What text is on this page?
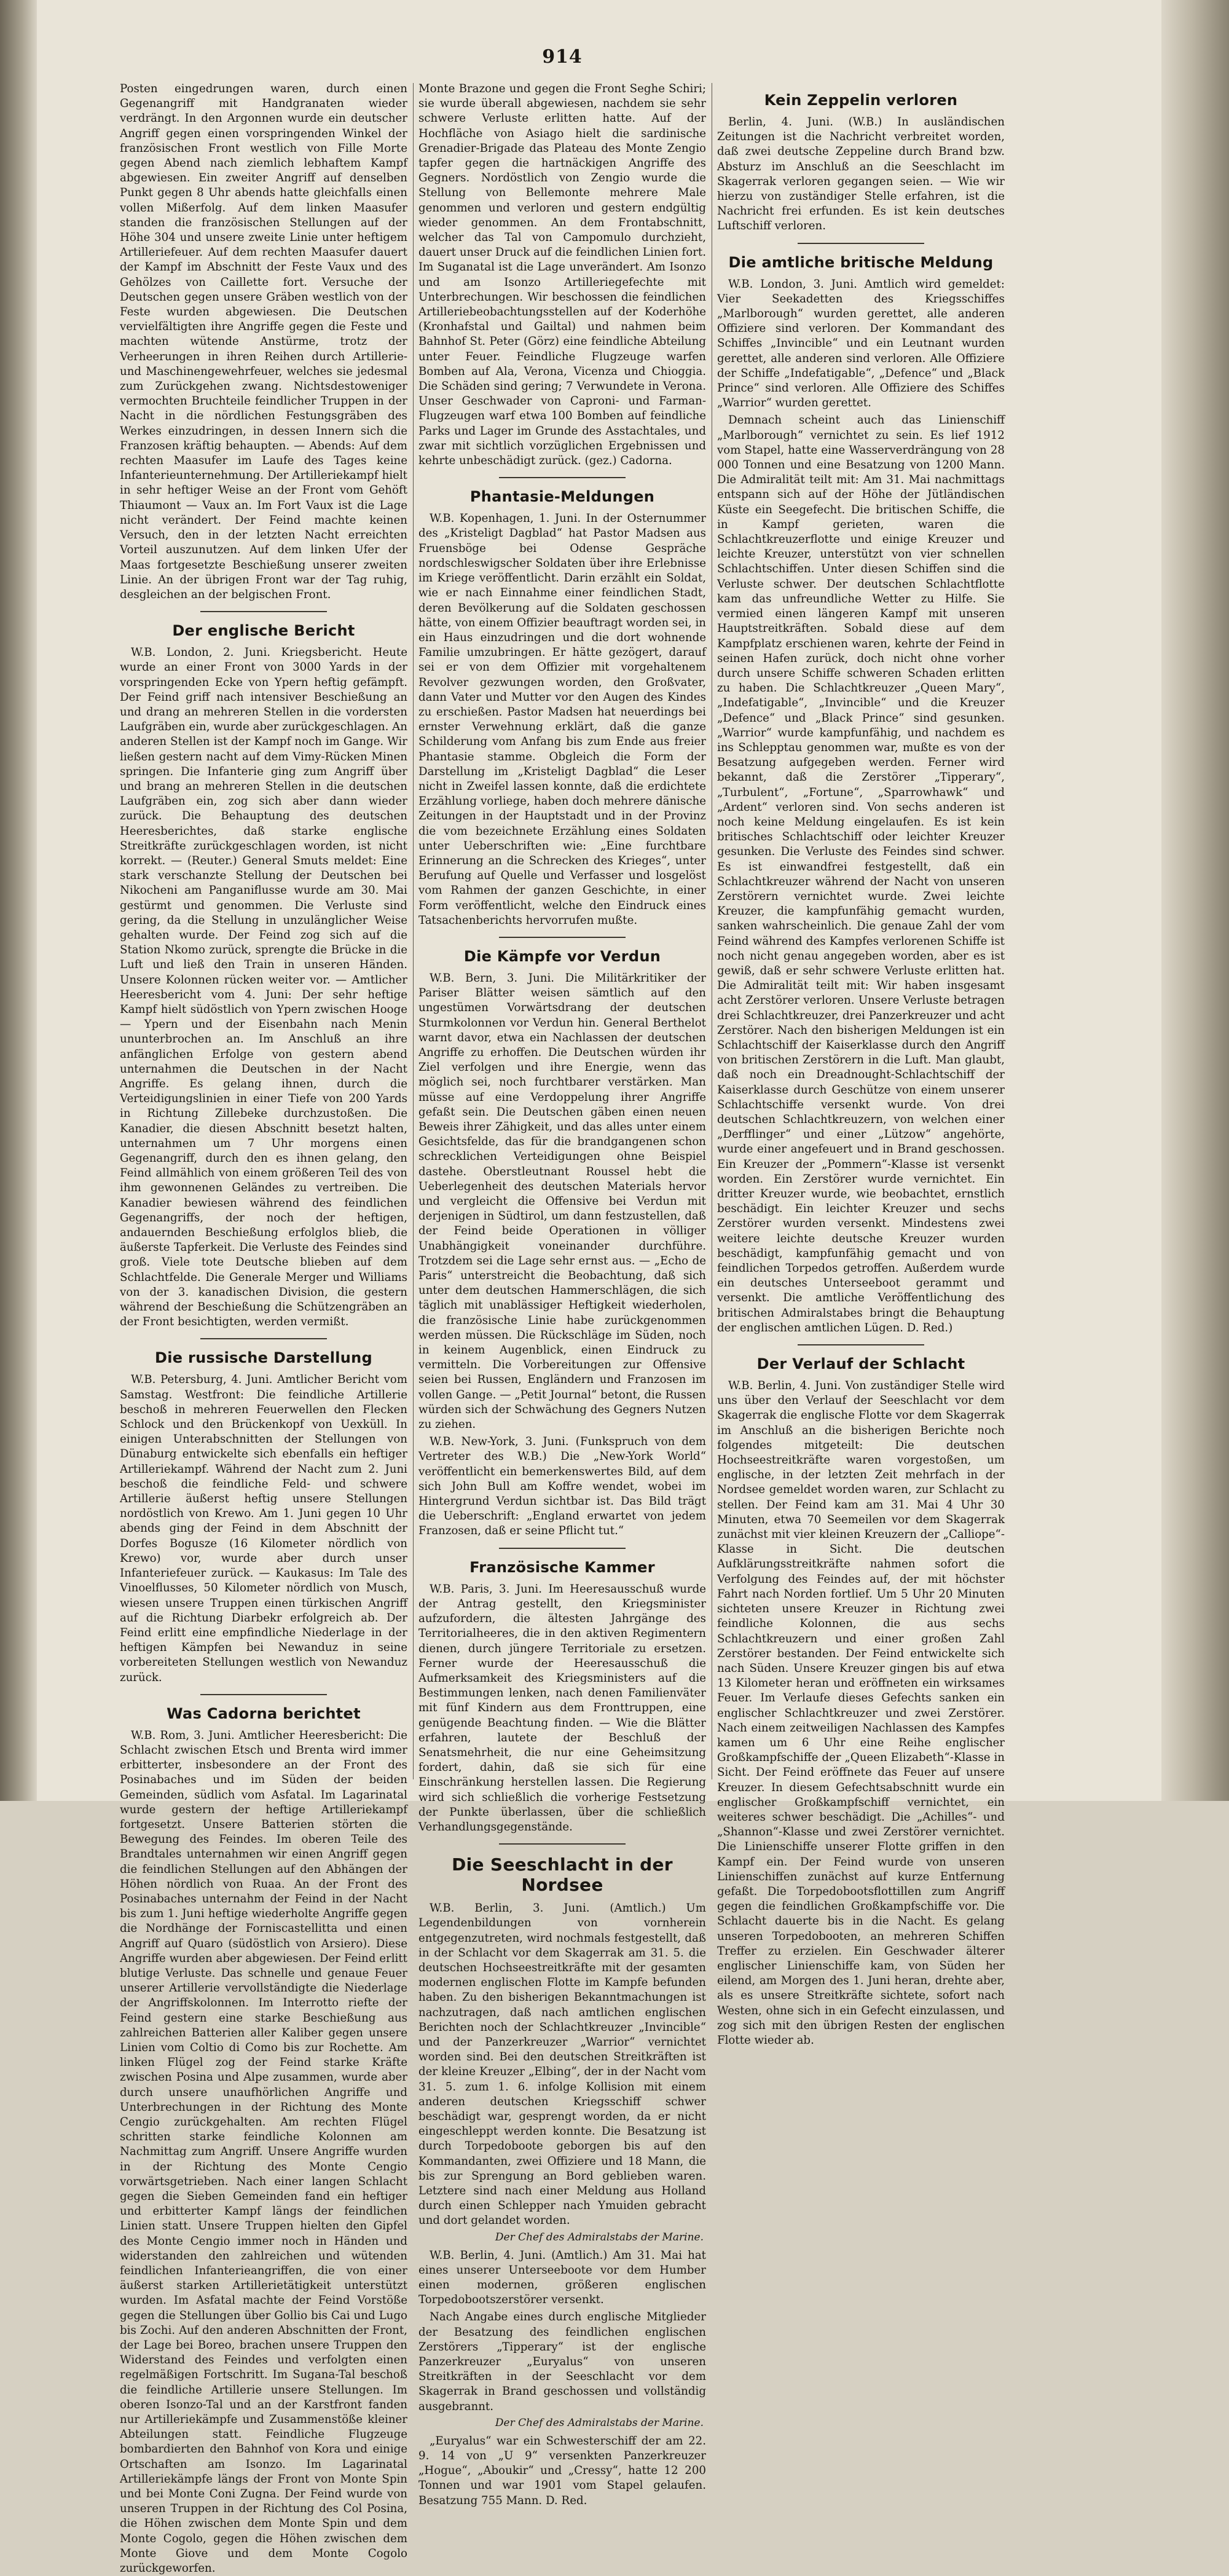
914

Posten eingedrungen waren, durch einen Gegenangriff mit Handgranaten wieder verdrängt. In den Argonnen wurde ein deutscher Angriff gegen einen vorspringenden Winkel der französischen Front westlich von Fille Morte gegen Abend nach ziemlich lebhaftem Kampf abgewiesen. Ein zweiter Angriff auf denselben Punkt gegen 8 Uhr abends hatte gleichfalls einen vollen Mißerfolg. Auf dem linken Maasufer standen die französischen Stellungen auf der Höhe 304 und unsere zweite Linie unter heftigem Artilleriefeuer. Auf dem rechten Maasufer dauert der Kampf im Abschnitt der Feste Vaux und des Gehölzes von Caillette fort. Versuche der Deutschen gegen unsere Gräben westlich von der Feste wurden abgewiesen. Die Deutschen vervielfältigten ihre Angriffe gegen die Feste und machten wütende Anstürme, trotz der Verheerungen in ihren Reihen durch Artillerie- und Maschinengewehrfeuer, welches sie jedesmal zum Zurückgehen zwang. Nichtsdestoweniger vermochten Bruchteile feindlicher Truppen in der Nacht in die nördlichen Festungsgräben des Werkes einzudringen, in dessen Innern sich die Franzosen kräftig behaupten. — Abends: Auf dem rechten Maasufer im Laufe des Tages keine Infanterieunternehmung. Der Artilleriekampf hielt in sehr heftiger Weise an der Front vom Gehöft Thiaumont — Vaux an. Im Fort Vaux ist die Lage nicht verändert. Der Feind machte keinen Versuch, den in der letzten Nacht erreichten Vorteil auszunutzen. Auf dem linken Ufer der Maas fortgesetzte Beschießung unserer zweiten Linie. An der übrigen Front war der Tag ruhig, desgleichen an der belgischen Front.

Der englische Bericht

W.B. London, 2. Juni. Kriegsbericht. Heute wurde an einer Front von 3000 Yards in der vorspringenden Ecke von Ypern heftig gefämpft. Der Feind griff nach intensiver Beschießung an und drang an mehreren Stellen in die vordersten Laufgräben ein, wurde aber zurückgeschlagen. An anderen Stellen ist der Kampf noch im Gange. Wir ließen gestern nacht auf dem Vimy-Rücken Minen springen. Die Infanterie ging zum Angriff über und brang an mehreren Stellen in die deutschen Laufgräben ein, zog sich aber dann wieder zurück. Die Behauptung des deutschen Heeresberichtes, daß starke englische Streitkräfte zurückgeschlagen worden, ist nicht korrekt. — (Reuter.) General Smuts meldet: Eine stark verschanzte Stellung der Deutschen bei Nikocheni am Panganiflusse wurde am 30. Mai gestürmt und genommen. Die Verluste sind gering, da die Stellung in unzulänglicher Weise gehalten wurde. Der Feind zog sich auf die Station Nkomo zurück, sprengte die Brücke in die Luft und ließ den Train in unseren Händen. Unsere Kolonnen rücken weiter vor. — Amtlicher Heeresbericht vom 4. Juni: Der sehr heftige Kampf hielt südöstlich von Ypern zwischen Hooge — Ypern und der Eisenbahn nach Menin ununterbrochen an. Im Anschluß an ihre anfänglichen Erfolge von gestern abend unternahmen die Deutschen in der Nacht Angriffe. Es gelang ihnen, durch die Verteidigungslinien in einer Tiefe von 200 Yards in Richtung Zillebeke durchzustoßen. Die Kanadier, die diesen Abschnitt besetzt halten, unternahmen um 7 Uhr morgens einen Gegenangriff, durch den es ihnen gelang, den Feind allmählich von einem größeren Teil des von ihm gewonnenen Geländes zu vertreiben. Die Kanadier bewiesen während des feindlichen Gegenangriffs, der noch der heftigen, andauernden Beschießung erfolglos blieb, die äußerste Tapferkeit. Die Verluste des Feindes sind groß. Viele tote Deutsche blieben auf dem Schlachtfelde. Die Generale Merger und Williams von der 3. kanadischen Division, die gestern während der Beschießung die Schützengräben an der Front besichtigten, werden vermißt.

Die russische Darstellung

W.B. Petersburg, 4. Juni. Amtlicher Bericht vom Samstag. Westfront: Die feindliche Artillerie beschoß in mehreren Feuerwellen den Flecken Schlock und den Brückenkopf von Uexküll. In einigen Unterabschnitten der Stellungen von Dünaburg entwickelte sich ebenfalls ein heftiger Artilleriekampf. Während der Nacht zum 2. Juni beschoß die feindliche Feld- und schwere Artillerie äußerst heftig unsere Stellungen nordöstlich von Krewo. Am 1. Juni gegen 10 Uhr abends ging der Feind in dem Abschnitt der Dorfes Bogusze (16 Kilometer nördlich von Krewo) vor, wurde aber durch unser Infanteriefeuer zurück. — Kaukasus: Im Tale des Vinoelflusses, 50 Kilometer nördlich von Musch, wiesen unsere Truppen einen türkischen Angriff auf die Richtung Diarbekr erfolgreich ab. Der Feind erlitt eine empfindliche Niederlage in der heftigen Kämpfen bei Newanduz in seine vorbereiteten Stellungen westlich von Newanduz zurück.

Was Cadorna berichtet

W.B. Rom, 3. Juni. Amtlicher Heeresbericht: Die Schlacht zwischen Etsch und Brenta wird immer erbitterter, insbesondere an der Front des Posinabaches und im Süden der beiden Gemeinden, südlich vom Asfatal. Im Lagarinatal wurde gestern der heftige Artilleriekampf fortgesetzt. Unsere Batterien störten die Bewegung des Feindes. Im oberen Teile des Brandtales unternahmen wir einen Angriff gegen die feindlichen Stellungen auf den Abhängen der Höhen nördlich von Ruaa. An der Front des Posinabaches unternahm der Feind in der Nacht bis zum 1. Juni heftige wiederholte Angriffe gegen die Nordhänge der Forniscastellitta und einen Angriff auf Quaro (südöstlich von Arsiero). Diese Angriffe wurden aber abgewiesen. Der Feind erlitt blutige Verluste. Das schnelle und genaue Feuer unserer Artillerie vervollständigte die Niederlage der Angriffskolonnen. Im Interrotto riefte der Feind gestern eine starke Beschießung aus zahlreichen Batterien aller Kaliber gegen unsere Linien vom Coltio di Como bis zur Rochette. Am linken Flügel zog der Feind starke Kräfte zwischen Posina und Alpe zusammen, wurde aber durch unsere unaufhörlichen Angriffe und Unterbrechungen in der Richtung des Monte Cengio zurückgehalten. Am rechten Flügel schritten starke feindliche Kolonnen am Nachmittag zum Angriff. Unsere Angriffe wurden in der Richtung des Monte Cengio vorwärtsgetrieben. Nach einer langen Schlacht gegen die Sieben Gemeinden fand ein heftiger und erbitterter Kampf längs der feindlichen Linien statt. Unsere Truppen hielten den Gipfel des Monte Cengio immer noch in Händen und widerstanden den zahlreichen und wütenden feindlichen Infanterieangriffen, die von einer äußerst starken Artillerietätigkeit unterstützt wurden. Im Asfatal machte der Feind Vorstöße gegen die Stellungen über Gollio bis Cai und Lugo bis Zochi. Auf den anderen Abschnitten der Front, der Lage bei Boreo, brachen unsere Truppen den Widerstand des Feindes und verfolgten einen regelmäßigen Fortschritt. Im Sugana-Tal beschoß die feindliche Artillerie unsere Stellungen. Im oberen Isonzo-Tal und an der Karstfront fanden nur Artilleriekämpfe und Zusammenstöße kleiner Abteilungen statt. Feindliche Flugzeuge bombardierten den Bahnhof von Kora und einige Ortschaften am Isonzo. Im Lagarinatal Artilleriekämpfe längs der Front von Monte Spin und bei Monte Coni Zugna. Der Feind wurde von unseren Truppen in der Richtung des Col Posina, die Höhen zwischen dem Monte Spin und dem Monte Cogolo, gegen die Höhen zwischen dem Monte Giove und dem Monte Cogolo zurückgeworfen.

Monte Brazone und gegen die Front Seghe Schiri; sie wurde überall abgewiesen, nachdem sie sehr schwere Verluste erlitten hatte. Auf der Hochfläche von Asiago hielt die sardinische Grenadier-Brigade das Plateau des Monte Zengio tapfer gegen die hartnäckigen Angriffe des Gegners. Nordöstlich von Zengio wurde die Stellung von Bellemonte mehrere Male genommen und verloren und gestern endgültig wieder genommen. An dem Frontabschnitt, welcher das Tal von Campomulo durchzieht, dauert unser Druck auf die feindlichen Linien fort. Im Suganatal ist die Lage unverändert. Am Isonzo und am Isonzo Artilleriegefechte mit Unterbrechungen. Wir beschossen die feindlichen Artilleriebeobachtungsstellen auf der Koderhöhe (Kronhafstal und Gailtal) und nahmen beim Bahnhof St. Peter (Görz) eine feindliche Abteilung unter Feuer. Feindliche Flugzeuge warfen Bomben auf Ala, Verona, Vicenza und Chioggia. Die Schäden sind gering; 7 Verwundete in Verona. Unser Geschwader von Caproni- und Farman-Flugzeugen warf etwa 100 Bomben auf feindliche Parks und Lager im Grunde des Asstachtales, und zwar mit sichtlich vorzüglichen Ergebnissen und kehrte unbeschädigt zurück. (gez.) Cadorna.

Phantasie-Meldungen

W.B. Kopenhagen, 1. Juni. In der Osternummer des „Kristeligt Dagblad“ hat Pastor Madsen aus Fruensböge bei Odense Gespräche nordschleswigscher Soldaten über ihre Erlebnisse im Kriege veröffentlicht. Darin erzählt ein Soldat, wie er nach Einnahme einer feindlichen Stadt, deren Bevölkerung auf die Soldaten geschossen hätte, von einem Offizier beauftragt worden sei, in ein Haus einzudringen und die dort wohnende Familie umzubringen. Er hätte gezögert, darauf sei er von dem Offizier mit vorgehaltenem Revolver gezwungen worden, den Großvater, dann Vater und Mutter vor den Augen des Kindes zu erschießen. Pastor Madsen hat neuerdings bei ernster Verwehnung erklärt, daß die ganze Schilderung vom Anfang bis zum Ende aus freier Phantasie stamme. Obgleich die Form der Darstellung im „Kristeligt Dagblad“ die Leser nicht in Zweifel lassen konnte, daß die erdichtete Erzählung vorliege, haben doch mehrere dänische Zeitungen in der Hauptstadt und in der Provinz die vom bezeichnete Erzählung eines Soldaten unter Ueberschriften wie: „Eine furchtbare Erinnerung an die Schrecken des Krieges“, unter Berufung auf Quelle und Verfasser und losgelöst vom Rahmen der ganzen Geschichte, in einer Form veröffentlicht, welche den Eindruck eines Tatsachenberichts hervorrufen mußte.

Die Kämpfe vor Verdun

W.B. Bern, 3. Juni. Die Militärkritiker der Pariser Blätter weisen sämtlich auf den ungestümen Vorwärtsdrang der deutschen Sturmkolonnen vor Verdun hin. General Berthelot warnt davor, etwa ein Nachlassen der deutschen Angriffe zu erhoffen. Die Deutschen würden ihr Ziel verfolgen und ihre Energie, wenn das möglich sei, noch furchtbarer verstärken. Man müsse auf eine Verdoppelung ihrer Angriffe gefaßt sein. Die Deutschen gäben einen neuen Beweis ihrer Zähigkeit, und das alles unter einem Gesichtsfelde, das für die brandgangenen schon schrecklichen Verteidigungen ohne Beispiel dastehe. Oberstleutnant Roussel hebt die Ueberlegenheit des deutschen Materials hervor und vergleicht die Offensive bei Verdun mit derjenigen in Südtirol, um dann festzustellen, daß der Feind beide Operationen in völliger Unabhängigkeit voneinander durchführe. Trotzdem sei die Lage sehr ernst aus. — „Echo de Paris“ unterstreicht die Beobachtung, daß sich unter dem deutschen Hammerschlägen, die sich täglich mit unablässiger Heftigkeit wiederholen, die französische Linie habe zurückgenommen werden müssen. Die Rückschläge im Süden, noch in keinem Augenblick, einen Eindruck zu vermitteln. Die Vorbereitungen zur Offensive seien bei Russen, Engländern und Franzosen im vollen Gange. — „Petit Journal“ betont, die Russen würden sich der Schwächung des Gegners Nutzen zu ziehen.

W.B. New-York, 3. Juni. (Funkspruch von dem Vertreter des W.B.) Die „New-York World“ veröffentlicht ein bemerkenswertes Bild, auf dem sich John Bull am Koffre wendet, wobei im Hintergrund Verdun sichtbar ist. Das Bild trägt die Ueberschrift: „England erwartet von jedem Franzosen, daß er seine Pflicht tut.“

Französische Kammer

W.B. Paris, 3. Juni. Im Heeresausschuß wurde der Antrag gestellt, den Kriegsminister aufzufordern, die ältesten Jahrgänge des Territorialheeres, die in den aktiven Regimentern dienen, durch jüngere Territoriale zu ersetzen. Ferner wurde der Heeresausschuß die Aufmerksamkeit des Kriegsministers auf die Bestimmungen lenken, nach denen Familienväter mit fünf Kindern aus dem Fronttruppen, eine genügende Beachtung finden. — Wie die Blätter erfahren, lautete der Beschluß der Senatsmehrheit, die nur eine Geheimsitzung fordert, dahin, daß sie sich für eine Einschränkung herstellen lassen. Die Regierung wird sich schließlich die vorherige Festsetzung der Punkte überlassen, über die schließlich Verhandlungsgegenstände.

Die Seeschlacht in der Nordsee

W.B. Berlin, 3. Juni. (Amtlich.) Um Legendenbildungen von vornherein entgegenzutreten, wird nochmals festgestellt, daß in der Schlacht vor dem Skagerrak am 31. 5. die deutschen Hochseestreitkräfte mit der gesamten modernen englischen Flotte im Kampfe befunden haben. Zu den bisherigen Bekanntmachungen ist nachzutragen, daß nach amtlichen englischen Berichten noch der Schlachtkreuzer „Invincible“ und der Panzerkreuzer „Warrior“ vernichtet worden sind. Bei den deutschen Streitkräften ist der kleine Kreuzer „Elbing“, der in der Nacht vom 31. 5. zum 1. 6. infolge Kollision mit einem anderen deutschen Kriegsschiff schwer beschädigt war, gesprengt worden, da er nicht eingeschleppt werden konnte. Die Besatzung ist durch Torpedoboote geborgen bis auf den Kommandanten, zwei Offiziere und 18 Mann, die bis zur Sprengung an Bord geblieben waren. Letztere sind nach einer Meldung aus Holland durch einen Schlepper nach Ymuiden gebracht und dort gelandet worden.

Der Chef des Admiralstabs der Marine.

W.B. Berlin, 4. Juni. (Amtlich.) Am 31. Mai hat eines unserer Unterseeboote vor dem Humber einen modernen, größeren englischen Torpedobootszerstörer versenkt.

Nach Angabe eines durch englische Mitglieder der Besatzung des feindlichen englischen Zerstörers „Tipperary“ ist der englische Panzerkreuzer „Euryalus“ von unseren Streitkräften in der Seeschlacht vor dem Skagerrak in Brand geschossen und vollständig ausgebrannt.

Der Chef des Admiralstabs der Marine.

„Euryalus“ war ein Schwesterschiff der am 22. 9. 14 von „U 9“ versenkten Panzerkreuzer „Hogue“, „Aboukir“ und „Cressy“, hatte 12 200 Tonnen und war 1901 vom Stapel gelaufen. Besatzung 755 Mann. D. Red.

Kein Zeppelin verloren

Berlin, 4. Juni. (W.B.) In ausländischen Zeitungen ist die Nachricht verbreitet worden, daß zwei deutsche Zeppeline durch Brand bzw. Absturz im Anschluß an die Seeschlacht im Skagerrak verloren gegangen seien. — Wie wir hierzu von zuständiger Stelle erfahren, ist die Nachricht frei erfunden. Es ist kein deutsches Luftschiff verloren.

Die amtliche britische Meldung

W.B. London, 3. Juni. Amtlich wird gemeldet: Vier Seekadetten des Kriegsschiffes „Marlborough“ wurden gerettet, alle anderen Offiziere sind verloren. Der Kommandant des Schiffes „Invincible“ und ein Leutnant wurden gerettet, alle anderen sind verloren. Alle Offiziere der Schiffe „Indefatigable“, „Defence“ und „Black Prince“ sind verloren. Alle Offiziere des Schiffes „Warrior“ wurden gerettet.

Demnach scheint auch das Linienschiff „Marlborough“ vernichtet zu sein. Es lief 1912 vom Stapel, hatte eine Wasserverdrängung von 28 000 Tonnen und eine Besatzung von 1200 Mann. Die Admiralität teilt mit: Am 31. Mai nachmittags entspann sich auf der Höhe der Jütländischen Küste ein Seegefecht. Die britischen Schiffe, die in Kampf gerieten, waren die Schlachtkreuzerflotte und einige Kreuzer und leichte Kreuzer, unterstützt von vier schnellen Schlachtschiffen. Unter diesen Schiffen sind die Verluste schwer. Der deutschen Schlachtflotte kam das unfreundliche Wetter zu Hilfe. Sie vermied einen längeren Kampf mit unseren Hauptstreitkräften. Sobald diese auf dem Kampfplatz erschienen waren, kehrte der Feind in seinen Hafen zurück, doch nicht ohne vorher durch unsere Schiffe schweren Schaden erlitten zu haben. Die Schlachtkreuzer „Queen Mary“, „Indefatigable“, „Invincible“ und die Kreuzer „Defence“ und „Black Prince“ sind gesunken. „Warrior“ wurde kampfunfähig, und nachdem es ins Schlepptau genommen war, mußte es von der Besatzung aufgegeben werden. Ferner wird bekannt, daß die Zerstörer „Tipperary“, „Turbulent“, „Fortune“, „Sparrowhawk“ und „Ardent“ verloren sind. Von sechs anderen ist noch keine Meldung eingelaufen. Es ist kein britisches Schlachtschiff oder leichter Kreuzer gesunken. Die Verluste des Feindes sind schwer. Es ist einwandfrei festgestellt, daß ein Schlachtkreuzer während der Nacht von unseren Zerstörern vernichtet wurde. Zwei leichte Kreuzer, die kampfunfähig gemacht wurden, sanken wahrscheinlich. Die genaue Zahl der vom Feind während des Kampfes verlorenen Schiffe ist noch nicht genau angegeben worden, aber es ist gewiß, daß er sehr schwere Verluste erlitten hat. Die Admiralität teilt mit: Wir haben insgesamt acht Zerstörer verloren. Unsere Verluste betragen drei Schlachtkreuzer, drei Panzerkreuzer und acht Zerstörer. Nach den bisherigen Meldungen ist ein Schlachtschiff der Kaiserklasse durch den Angriff von britischen Zerstörern in die Luft. Man glaubt, daß noch ein Dreadnought-Schlachtschiff der Kaiserklasse durch Geschütze von einem unserer Schlachtschiffe versenkt wurde. Von drei deutschen Schlachtkreuzern, von welchen einer „Derfflinger“ und einer „Lützow“ angehörte, wurde einer angefeuert und in Brand geschossen. Ein Kreuzer der „Pommern“-Klasse ist versenkt worden. Ein Zerstörer wurde vernichtet. Ein dritter Kreuzer wurde, wie beobachtet, ernstlich beschädigt. Ein leichter Kreuzer und sechs Zerstörer wurden versenkt. Mindestens zwei weitere leichte deutsche Kreuzer wurden beschädigt, kampfunfähig gemacht und von feindlichen Torpedos getroffen. Außerdem wurde ein deutsches Unterseeboot gerammt und versenkt. Die amtliche Veröffentlichung des britischen Admiralstabes bringt die Behauptung der englischen amtlichen Lügen. D. Red.)

Der Verlauf der Schlacht

W.B. Berlin, 4. Juni. Von zuständiger Stelle wird uns über den Verlauf der Seeschlacht vor dem Skagerrak die englische Flotte vor dem Skagerrak im Anschluß an die bisherigen Berichte noch folgendes mitgeteilt: Die deutschen Hochseestreitkräfte waren vorgestoßen, um englische, in der letzten Zeit mehrfach in der Nordsee gemeldet worden waren, zur Schlacht zu stellen. Der Feind kam am 31. Mai 4 Uhr 30 Minuten, etwa 70 Seemeilen vor dem Skagerrak zunächst mit vier kleinen Kreuzern der „Calliope“-Klasse in Sicht. Die deutschen Aufklärungsstreitkräfte nahmen sofort die Verfolgung des Feindes auf, der mit höchster Fahrt nach Norden fortlief. Um 5 Uhr 20 Minuten sichteten unsere Kreuzer in Richtung zwei feindliche Kolonnen, die aus sechs Schlachtkreuzern und einer großen Zahl Zerstörer bestanden. Der Feind entwickelte sich nach Süden. Unsere Kreuzer gingen bis auf etwa 13 Kilometer heran und eröffneten ein wirksames Feuer. Im Verlaufe dieses Gefechts sanken ein englischer Schlachtkreuzer und zwei Zerstörer. Nach einem zeitweiligen Nachlassen des Kampfes kamen um 6 Uhr eine Reihe englischer Großkampfschiffe der „Queen Elizabeth“-Klasse in Sicht. Der Feind eröffnete das Feuer auf unsere Kreuzer. In diesem Gefechtsabschnitt wurde ein englischer Großkampfschiff vernichtet, ein weiteres schwer beschädigt. Die „Achilles“- und „Shannon“-Klasse und zwei Zerstörer vernichtet. Die Linienschiffe unserer Flotte griffen in den Kampf ein. Der Feind wurde von unseren Linienschiffen zunächst auf kurze Entfernung gefaßt. Die Torpedobootsflottillen zum Angriff gegen die feindlichen Großkampfschiffe vor. Die Schlacht dauerte bis in die Nacht. Es gelang unseren Torpedobooten, an mehreren Schiffen Treffer zu erzielen. Ein Geschwader älterer englischer Linienschiffe kam, von Süden her eilend, am Morgen des 1. Juni heran, drehte aber, als es unsere Streitkräfte sichtete, sofort nach Westen, ohne sich in ein Gefecht einzulassen, und zog sich mit den übrigen Resten der englischen Flotte wieder ab.
